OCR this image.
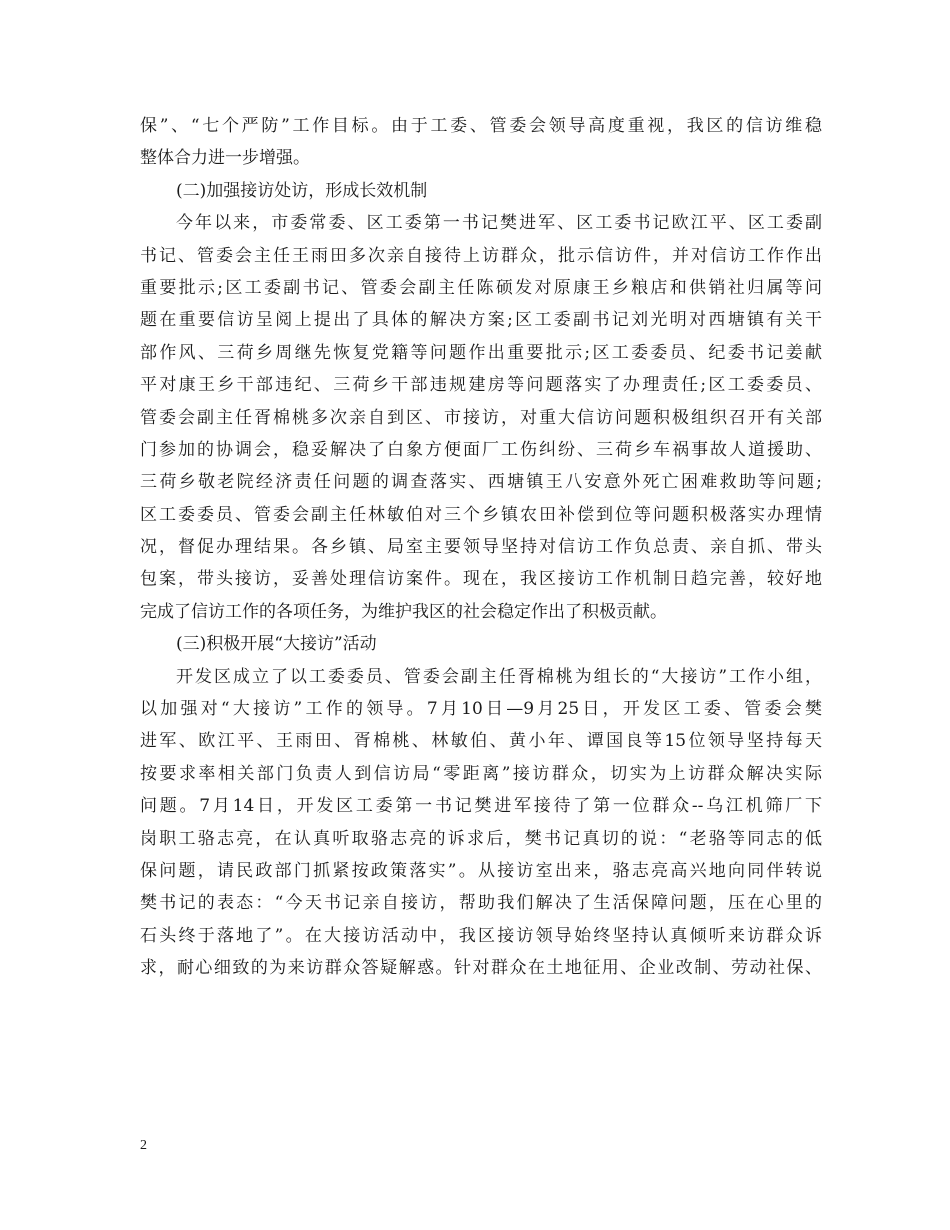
保”、“七个严防”工作目标。由于工委、管委会领导高度重视，我区的信访维稳
整体合力进一步增强。
(二)加强接访处访，形成长效机制
今年以来，市委常委、区工委第一书记樊进军、区工委书记欧江平、区工委副
书记、管委会主任王雨田多次亲自接待上访群众，批示信访件，并对信访工作作出
重要批示;区工委副书记、管委会副主任陈硕发对原康王乡粮店和供销社归属等问
题在重要信访呈阅上提出了具体的解决方案;区工委副书记刘光明对西塘镇有关干
部作风、三荷乡周继先恢复党籍等问题作出重要批示;区工委委员、纪委书记姜献
平对康王乡干部违纪、三荷乡干部违规建房等问题落实了办理责任;区工委委员、
管委会副主任胥棉桃多次亲自到区、市接访，对重大信访问题积极组织召开有关部
门参加的协调会，稳妥解决了白象方便面厂工伤纠纷、三荷乡车祸事故人道援助、
三荷乡敬老院经济责任问题的调查落实、西塘镇王八安意外死亡困难救助等问题;
区工委委员、管委会副主任林敏伯对三个乡镇农田补偿到位等问题积极落实办理情
况，督促办理结果。各乡镇、局室主要领导坚持对信访工作负总责、亲自抓、带头
包案，带头接访，妥善处理信访案件。现在，我区接访工作机制日趋完善，较好地
完成了信访工作的各项任务，为维护我区的社会稳定作出了积极贡献。
(三)积极开展“大接访”活动
开发区成立了以工委委员、管委会副主任胥棉桃为组长的“大接访”工作小组，
以加强对“大接访”工作的领导。7月10日—9月25日，开发区工委、管委会樊
进军、欧江平、王雨田、胥棉桃、林敏伯、黄小年、谭国良等15位领导坚持每天
按要求率相关部门负责人到信访局“零距离”接访群众，切实为上访群众解决实际
问题。7月14日，开发区工委第一书记樊进军接待了第一位群众--乌江机筛厂下
岗职工骆志亮，在认真听取骆志亮的诉求后，樊书记真切的说：“老骆等同志的低
保问题，请民政部门抓紧按政策落实”。从接访室出来，骆志亮高兴地向同伴转说
樊书记的表态：“今天书记亲自接访，帮助我们解决了生活保障问题，压在心里的
石头终于落地了”。在大接访活动中，我区接访领导始终坚持认真倾听来访群众诉
求，耐心细致的为来访群众答疑解惑。针对群众在土地征用、企业改制、劳动社保、
2
